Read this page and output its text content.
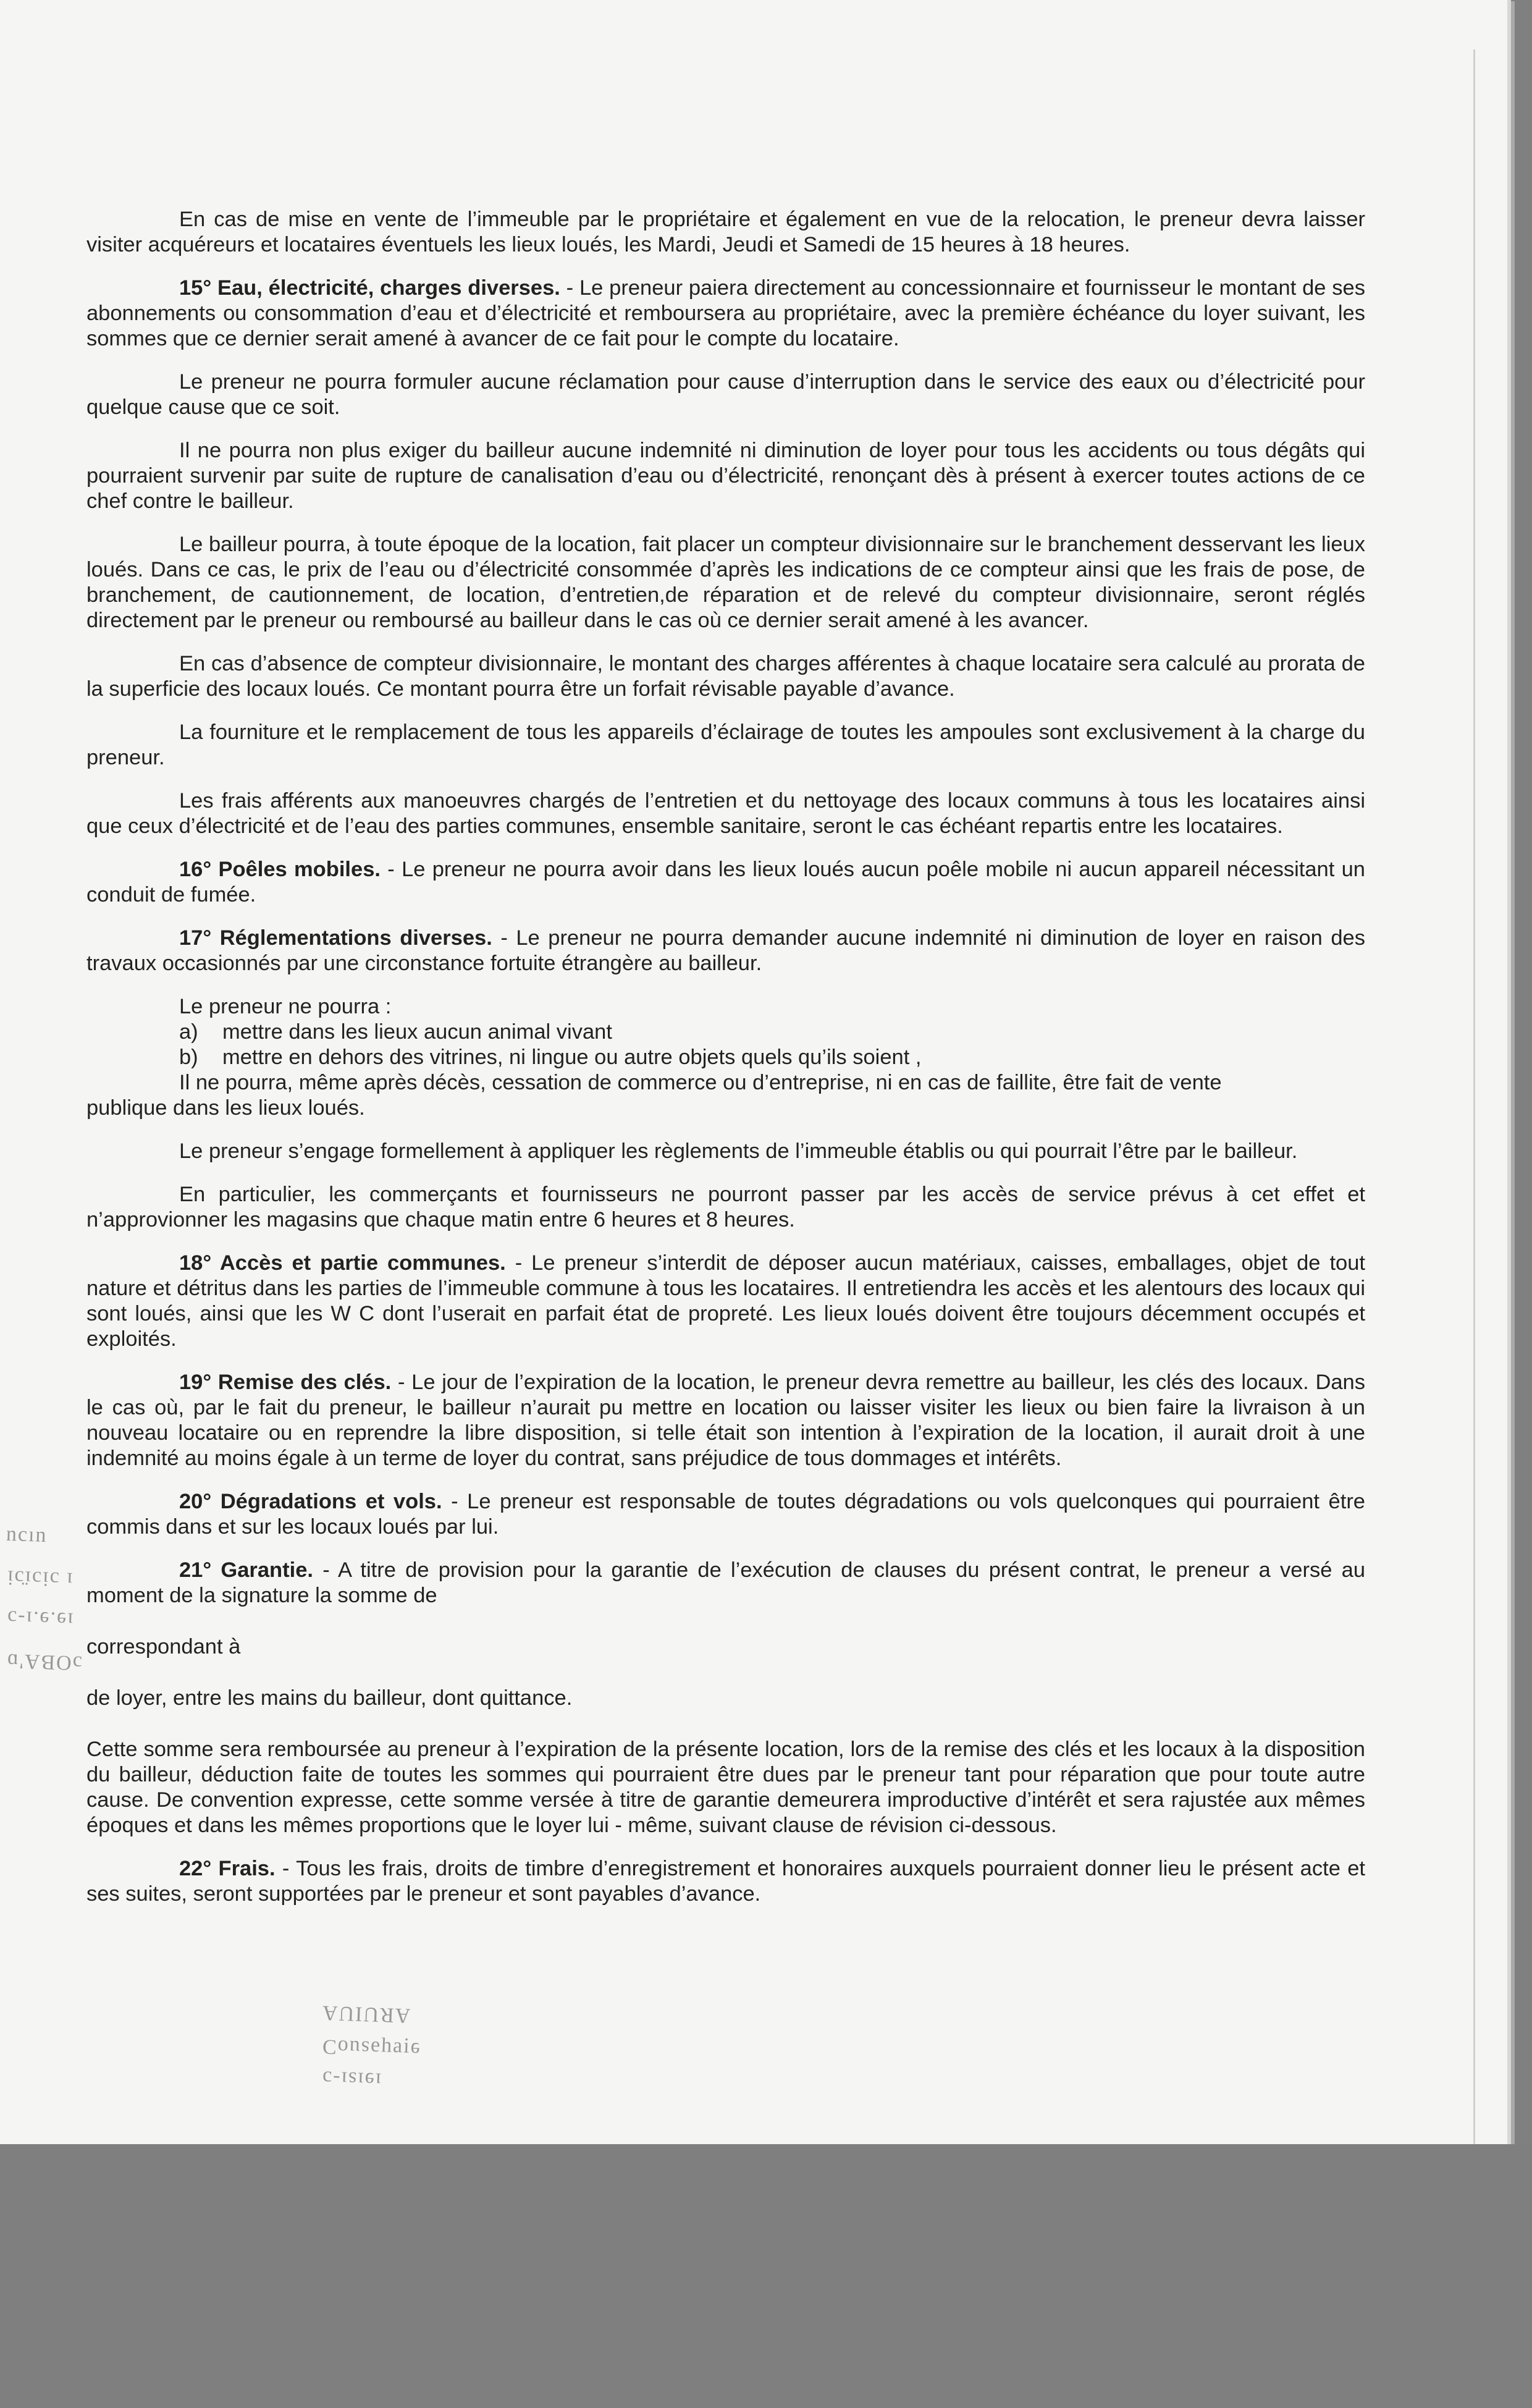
ncın
ı ɔiɔı̈ɔi
ıɘ.ɘ.ı‑ɔ
ɔOBA'ɒ
ARUIUA
ɘᴉɐɥǝsuoƆ
ıɘısı‑ɔ

En cas de mise en vente de l’immeuble par le propriétaire et également en vue de la relocation, le preneur devra laisser visiter acquéreurs et locataires éventuels les lieux loués, les Mardi, Jeudi et Samedi de 15 heures à 18 heures.

15° Eau, électricité, charges diverses. - Le preneur paiera directement au concessionnaire et fournisseur le montant de ses abonnements ou consommation d’eau et d’électricité et remboursera au propriétaire, avec la première échéance du loyer suivant, les sommes que ce dernier serait amené à avancer de ce fait pour le compte du locataire.

Le preneur ne pourra formuler aucune réclamation pour cause d’interruption dans le service des eaux ou d’électricité pour quelque cause que ce soit.

Il ne pourra non plus exiger du bailleur aucune indemnité ni diminution de loyer pour tous les accidents ou tous dégâts qui pourraient survenir par suite de rupture de canalisation d’eau ou d’électricité, renonçant dès à présent à exercer toutes actions de ce chef contre le bailleur.

Le bailleur pourra, à toute époque de la location, fait placer un compteur divisionnaire sur le branchement desservant les lieux loués. Dans ce cas, le prix de l’eau ou d’électricité consommée d’après les indications de ce compteur ainsi que les frais de pose, de branchement, de cautionnement, de location, d’entretien,de réparation et de relevé du compteur divisionnaire, seront réglés directement par le preneur ou remboursé au bailleur dans le cas où ce dernier serait amené à les avancer.

En cas d’absence de compteur divisionnaire, le montant des charges afférentes à chaque locataire sera calculé au prorata de la superficie des locaux loués. Ce montant pourra être un forfait révisable payable d’avance.

La fourniture et le remplacement de tous les appareils d’éclairage de toutes les ampoules sont exclusivement à la charge du preneur.

Les frais afférents aux manoeuvres chargés de l’entretien et du nettoyage des locaux communs à tous les locataires ainsi que ceux d’électricité et de l’eau des parties communes, ensemble sanitaire, seront le cas échéant repartis entre les locataires.

16° Poêles mobiles. - Le preneur ne pourra avoir dans les lieux loués aucun poêle mobile ni aucun appareil nécessitant un conduit de fumée.

17° Réglementations diverses. - Le preneur ne pourra demander aucune indemnité ni diminution de loyer en raison des travaux occasionnés par une circonstance fortuite étrangère au bailleur.

Le preneur ne pourra :

a)	mettre dans les lieux aucun animal vivant
b)	mettre en dehors des vitrines, ni lingue ou autre objets quels qu’ils soient ,

Il ne pourra, même après décès, cessation de commerce ou d’entreprise, ni en cas de faillite, être fait de vente

publique dans les lieux loués.

Le preneur s’engage formellement à appliquer les règlements de l’immeuble établis ou qui pourrait l’être par le bailleur.

En particulier, les commerçants et fournisseurs ne pourront passer par les accès de service prévus à cet effet et n’approvionner les magasins que chaque matin entre 6 heures et 8 heures.

18° Accès et partie communes. - Le preneur s’interdit de déposer aucun matériaux, caisses, emballages, objet de tout nature et détritus dans les parties de l’immeuble commune à tous les locataires. Il entretiendra les accès et les alentours des locaux qui sont loués, ainsi que les W C dont l’userait en parfait état de propreté. Les lieux loués doivent être toujours décemment occupés et exploités.

19° Remise des clés. - Le jour de l’expiration de la location, le preneur devra remettre au bailleur, les clés des locaux. Dans le cas où, par le fait du preneur, le bailleur n’aurait pu mettre en location ou laisser visiter les lieux ou bien faire la livraison à un nouveau locataire ou en reprendre la libre disposition, si telle était son intention à l’expiration de la location, il aurait droit à une indemnité au moins égale à un terme de loyer du contrat, sans préjudice de tous dommages et intérêts.

20° Dégradations et vols. - Le preneur est responsable de toutes dégradations ou vols quelconques qui pourraient être commis dans et sur les locaux loués par lui.

21° Garantie. - A titre de provision pour la garantie de l’exécution de clauses du présent contrat, le preneur a versé au moment de la signature la somme de

correspondant à

de loyer, entre les mains du bailleur, dont quittance.

Cette somme sera remboursée au preneur à l’expiration de la présente location, lors de la remise des clés et les locaux à la disposition du bailleur, déduction faite de toutes les sommes qui pourraient être dues par le preneur tant pour réparation que pour toute autre cause. De convention expresse, cette somme versée à titre de garantie demeurera improductive d’intérêt et sera rajustée aux mêmes époques et dans les mêmes proportions que le loyer lui - même, suivant clause de révision ci-dessous.

22° Frais. - Tous les frais, droits de timbre d’enregistrement et honoraires auxquels pourraient donner lieu le présent acte et ses suites, seront supportées par le preneur et sont payables d’avance.
